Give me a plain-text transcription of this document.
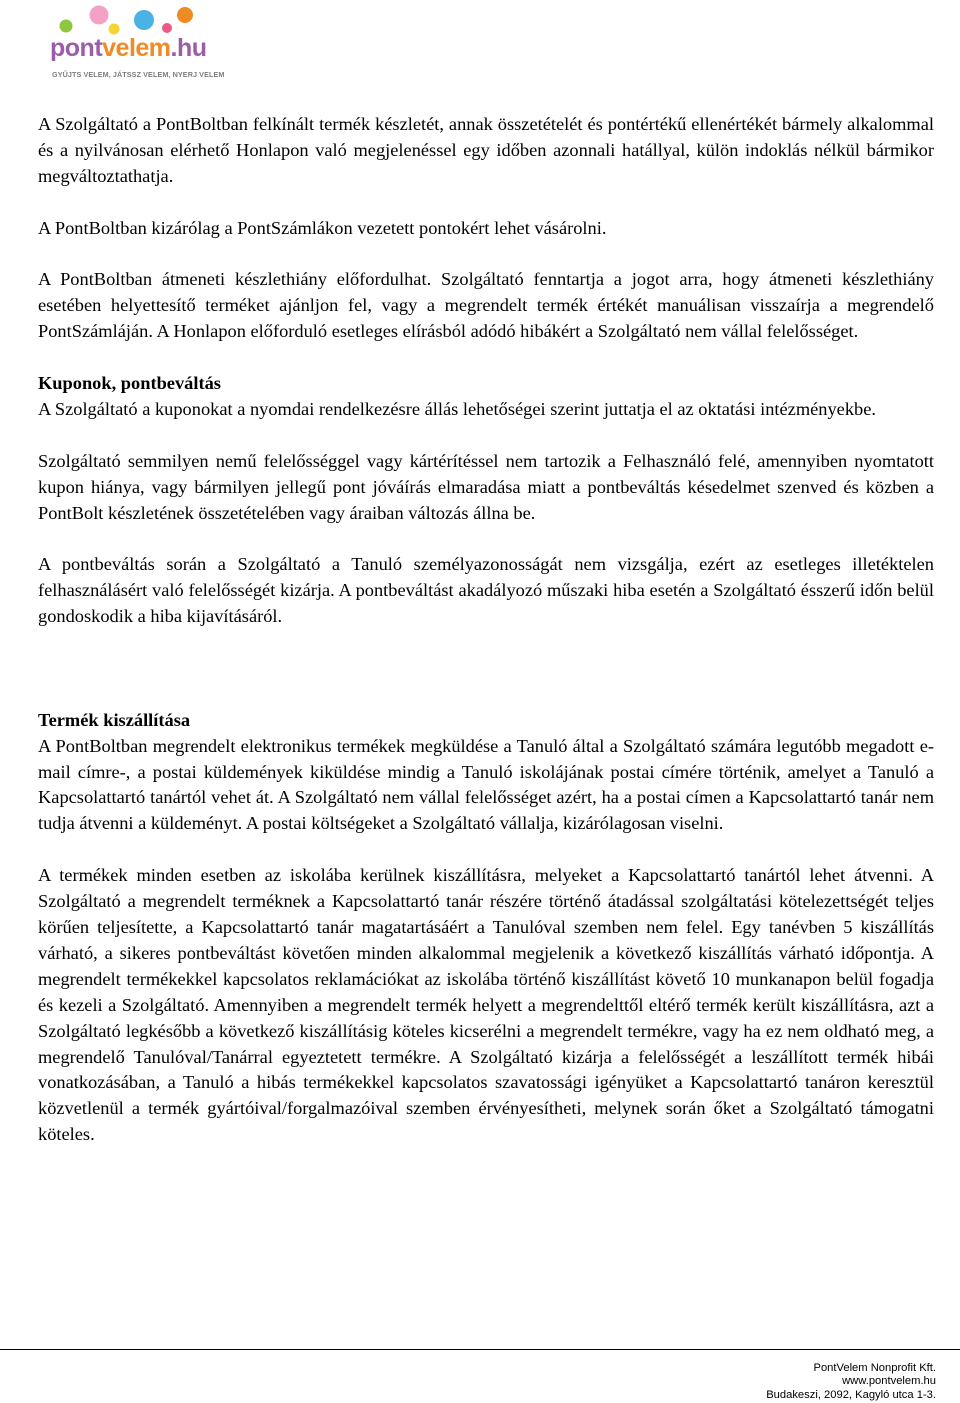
pontvelem.hu
GYŰJTS VELEM, JÁTSSZ VELEM, NYERJ VELEM

A Szolgáltató a PontBoltban felkínált termék készletét, annak összetételét és pontértékű ellenértékét bármely alkalommal és a nyilvánosan elérhető Honlapon való megjelenéssel egy időben azonnali hatállyal, külön indoklás nélkül bármikor megváltoztathatja.

A PontBoltban kizárólag a PontSzámlákon vezetett pontokért lehet vásárolni.

A PontBoltban átmeneti készlethiány előfordulhat. Szolgáltató fenntartja a jogot arra, hogy átmeneti készlethiány esetében helyettesítő terméket ajánljon fel, vagy a megrendelt termék értékét manuálisan visszaírja a megrendelő PontSzámláján. A Honlapon előforduló esetleges elírásból adódó hibákért a Szolgáltató nem vállal felelősséget.

Kuponok, pontbeváltás

A Szolgáltató a kuponokat a nyomdai rendelkezésre állás lehetőségei szerint juttatja el az oktatási intézményekbe.

Szolgáltató semmilyen nemű felelősséggel vagy kártérítéssel nem tartozik a Felhasználó felé, amennyiben nyomtatott kupon hiánya, vagy bármilyen jellegű pont jóváírás elmaradása miatt a pontbeváltás késedelmet szenved és közben a PontBolt készletének összetételében vagy áraiban változás állna be.

A pontbeváltás során a Szolgáltató a Tanuló személyazonosságát nem vizsgálja, ezért az esetleges illetéktelen felhasználásért való felelősségét kizárja. A pontbeváltást akadályozó műszaki hiba esetén a Szolgáltató ésszerű időn belül gondoskodik a hiba kijavításáról.

Termék kiszállítása

A PontBoltban megrendelt elektronikus termékek megküldése a Tanuló által a Szolgáltató számára legutóbb megadott e-mail címre-, a postai küldemények kiküldése mindig a Tanuló iskolájának postai címére történik, amelyet a Tanuló a Kapcsolattartó tanártól vehet át. A Szolgáltató nem vállal felelősséget azért, ha a postai címen a Kapcsolattartó tanár nem tudja átvenni a küldeményt. A postai költségeket a Szolgáltató vállalja, kizárólagosan viselni.

A termékek minden esetben az iskolába kerülnek kiszállításra, melyeket a Kapcsolattartó tanártól lehet átvenni. A Szolgáltató a megrendelt terméknek a Kapcsolattartó tanár részére történő átadással szolgáltatási kötelezettségét teljes körűen teljesítette, a Kapcsolattartó tanár magatartásáért a Tanulóval szemben nem felel. Egy tanévben 5 kiszállítás várható, a sikeres pontbeváltást követően minden alkalommal megjelenik a következő kiszállítás várható időpontja. A megrendelt termékekkel kapcsolatos reklamációkat az iskolába történő kiszállítást követő 10 munkanapon belül fogadja és kezeli a Szolgáltató. Amennyiben a megrendelt termék helyett a megrendelttől eltérő termék került kiszállításra, azt a Szolgáltató legkésőbb a következő kiszállításig köteles kicserélni a megrendelt termékre, vagy ha ez nem oldható meg, a megrendelő Tanulóval/Tanárral egyeztetett termékre. A Szolgáltató kizárja a felelősségét a leszállított termék hibái vonatkozásában, a Tanuló a hibás termékekkel kapcsolatos szavatossági igényüket a Kapcsolattartó tanáron keresztül közvetlenül a termék gyártóival/forgalmazóival szemben érvényesítheti, melynek során őket a Szolgáltató támogatni köteles.

PontVelem Nonprofit Kft.
www.pontvelem.hu
Budakeszi, 2092, Kagyló utca 1-3.
